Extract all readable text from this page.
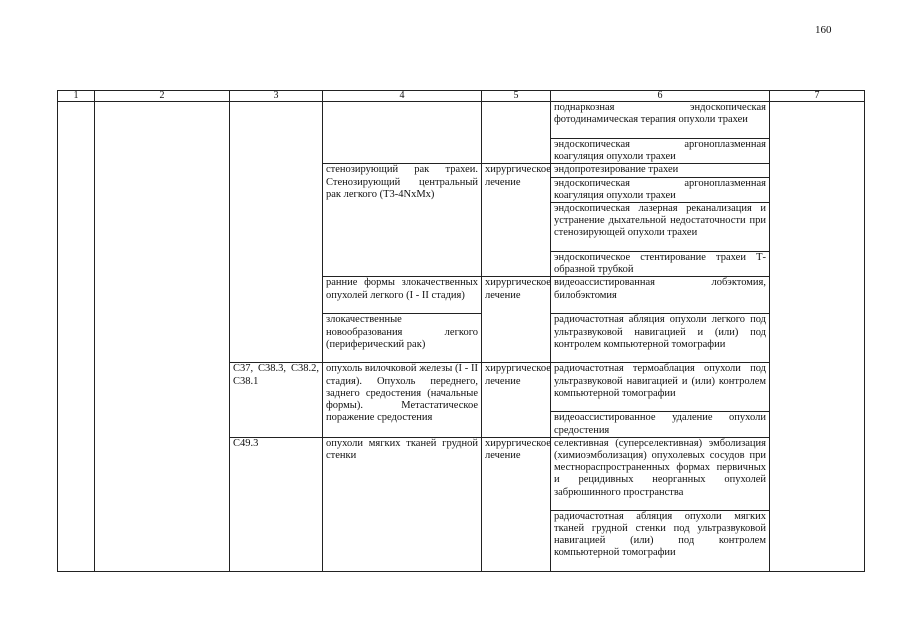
160
1	2	3	4	5	6	7
					поднаркозная эндоскопическая фотодинамическая терапия опухоли трахеи	
					эндоскопическая аргоноплазменная коагуляция опухоли трахеи	
			стенозирующий рак трахеи. Стенозирующий центральный рак легкого (Т3-4NxMx)	хирургическое лечение	эндопротезирование трахеи	
					эндоскопическая аргоноплазменная коагуляция опухоли трахеи	
					эндоскопическая лазерная реканализация и устранение дыхательной недостаточности при стенозирующей опухоли трахеи	
					эндоскопическое стентирование трахеи Т-образной трубкой	
			ранние формы злокачественных опухолей легкого (I - II стадия)	хирургическое лечение	видеоассистированная лобэктомия, билобэктомия	
			злокачественные новообразования легкого (периферический рак)		радиочастотная абляция опухоли легкого под ультразвуковой навигацией и (или) под контролем компьютерной томографии	
		С37, С38.3, С38.2, С38.1	опухоль вилочковой железы (I - II стадия). Опухоль переднего, заднего средостения (начальные формы). Метастатическое поражение средостения	хирургическое лечение	радиочастотная термоаблация опухоли под ультразвуковой навигацией и (или) контролем компьютерной томографии	
					видеоассистированное удаление опухоли средостения	
		С49.3	опухоли мягких тканей грудной стенки	хирургическое лечение	селективная (суперселективная) эмболизация (химиоэмболизация) опухолевых сосудов при местнораспространенных формах первичных и рецидивных неорганных опухолей забрюшинного пространства	
					радиочастотная абляция опухоли мягких тканей грудной стенки под ультразвуковой навигацией (или) под контролем компьютерной томографии	
